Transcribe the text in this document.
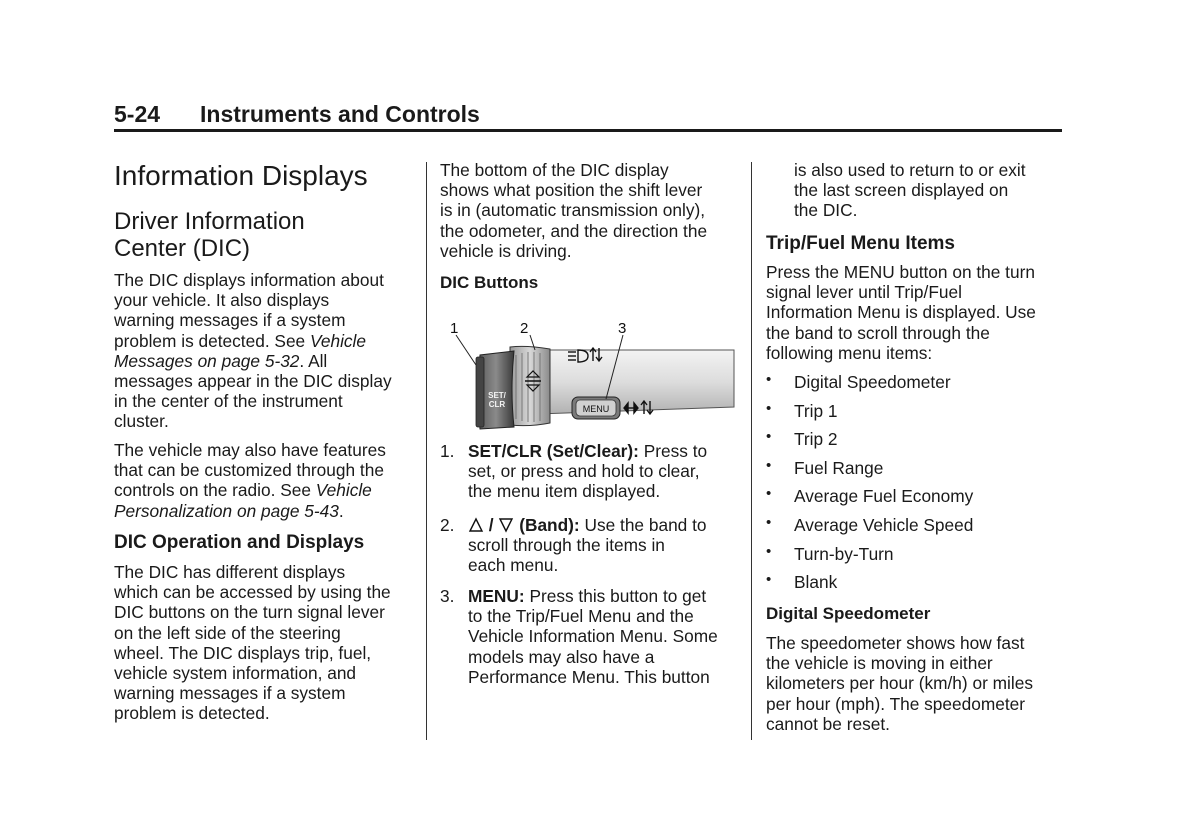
5-24 Instruments and Controls
Information Displays
Driver Information
Center (DIC)

The DIC displays information about

your vehicle. It also displays

warning messages if a system

problem is detected. See Vehicle

Messages on page 5-32. All

messages appear in the DIC display

in the center of the instrument

cluster.

The vehicle may also have features

that can be customized through the

controls on the radio. See Vehicle

Personalization on page 5-43.

DIC Operation and Displays

The DIC has different displays

which can be accessed by using the

DIC buttons on the turn signal lever

on the left side of the steering

wheel. The DIC displays trip, fuel,

vehicle system information, and

warning messages if a system

problem is detected.

The bottom of the DIC display

shows what position the shift lever

is in (automatic transmission only),

the odometer, and the direction the

vehicle is driving.

DIC Buttons
SET/
CLR	MENU
1	2	3
1. SET/CLR (Set/Clear): Press to

set, or press and hold to clear,

the menu item displayed.

2.	/  (Band): Use the band to

scroll through the items in

each menu.

3. MENU: Press this button to get

to the Trip/Fuel Menu and the

Vehicle Information Menu. Some

models may also have a

Performance Menu. This button

is also used to return to or exit

the last screen displayed on

the DIC.

Trip/Fuel Menu Items

Press the MENU button on the turn

signal lever until Trip/Fuel

Information Menu is displayed. Use

the band to scroll through the

following menu items:

• Digital Speedometer
• Trip 1
• Trip 2
• Fuel Range
• Average Fuel Economy
• Average Vehicle Speed
• Turn-by-Turn
• Blank
Digital Speedometer

The speedometer shows how fast

the vehicle is moving in either

kilometers per hour (km/h) or miles

per hour (mph). The speedometer

cannot be reset.
